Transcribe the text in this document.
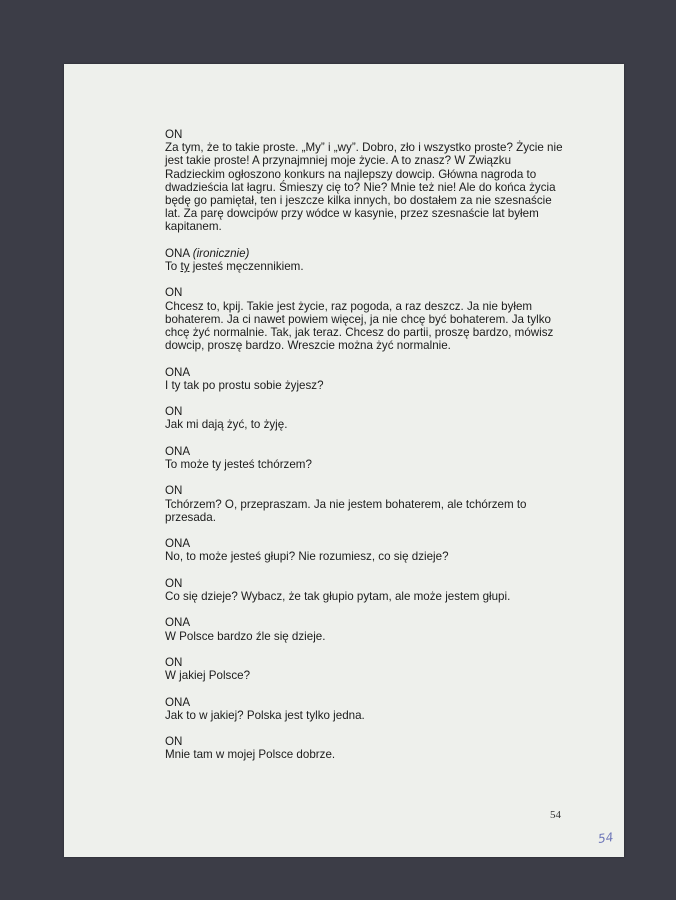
ON
Za tym, że to takie proste. „My” i „wy”. Dobro, zło i wszystko proste? Życie nie
jest takie proste! A przynajmniej moje życie. A to znasz? W Związku
Radzieckim ogłoszono konkurs na najlepszy dowcip. Główna nagroda to
dwadzieścia lat łagru. Śmieszy cię to? Nie? Mnie też nie! Ale do końca życia
będę go pamiętał, ten i jeszcze kilka innych, bo dostałem za nie szesnaście
lat. Za parę dowcipów przy wódce w kasynie, przez szesnaście lat byłem
kapitanem.
ONA (ironicznie)
To ty jesteś męczennikiem.
ON
Chcesz to, kpij. Takie jest życie, raz pogoda, a raz deszcz. Ja nie byłem
bohaterem. Ja ci nawet powiem więcej, ja nie chcę być bohaterem. Ja tylko
chcę żyć normalnie. Tak, jak teraz. Chcesz do partii, proszę bardzo, mówisz
dowcip, proszę bardzo. Wreszcie można żyć normalnie.
ONA
I ty tak po prostu sobie żyjesz?
ON
Jak mi dają żyć, to żyję.
ONA
To może ty jesteś tchórzem?
ON
Tchórzem? O, przepraszam. Ja nie jestem bohaterem, ale tchórzem to
przesada.
ONA
No, to może jesteś głupi? Nie rozumiesz, co się dzieje?
ON
Co się dzieje? Wybacz, że tak głupio pytam, ale może jestem głupi.
ONA
W Polsce bardzo źle się dzieje.
ON
W jakiej Polsce?
ONA
Jak to w jakiej? Polska jest tylko jedna.
ON
Mnie tam w mojej Polsce dobrze.
54
54
